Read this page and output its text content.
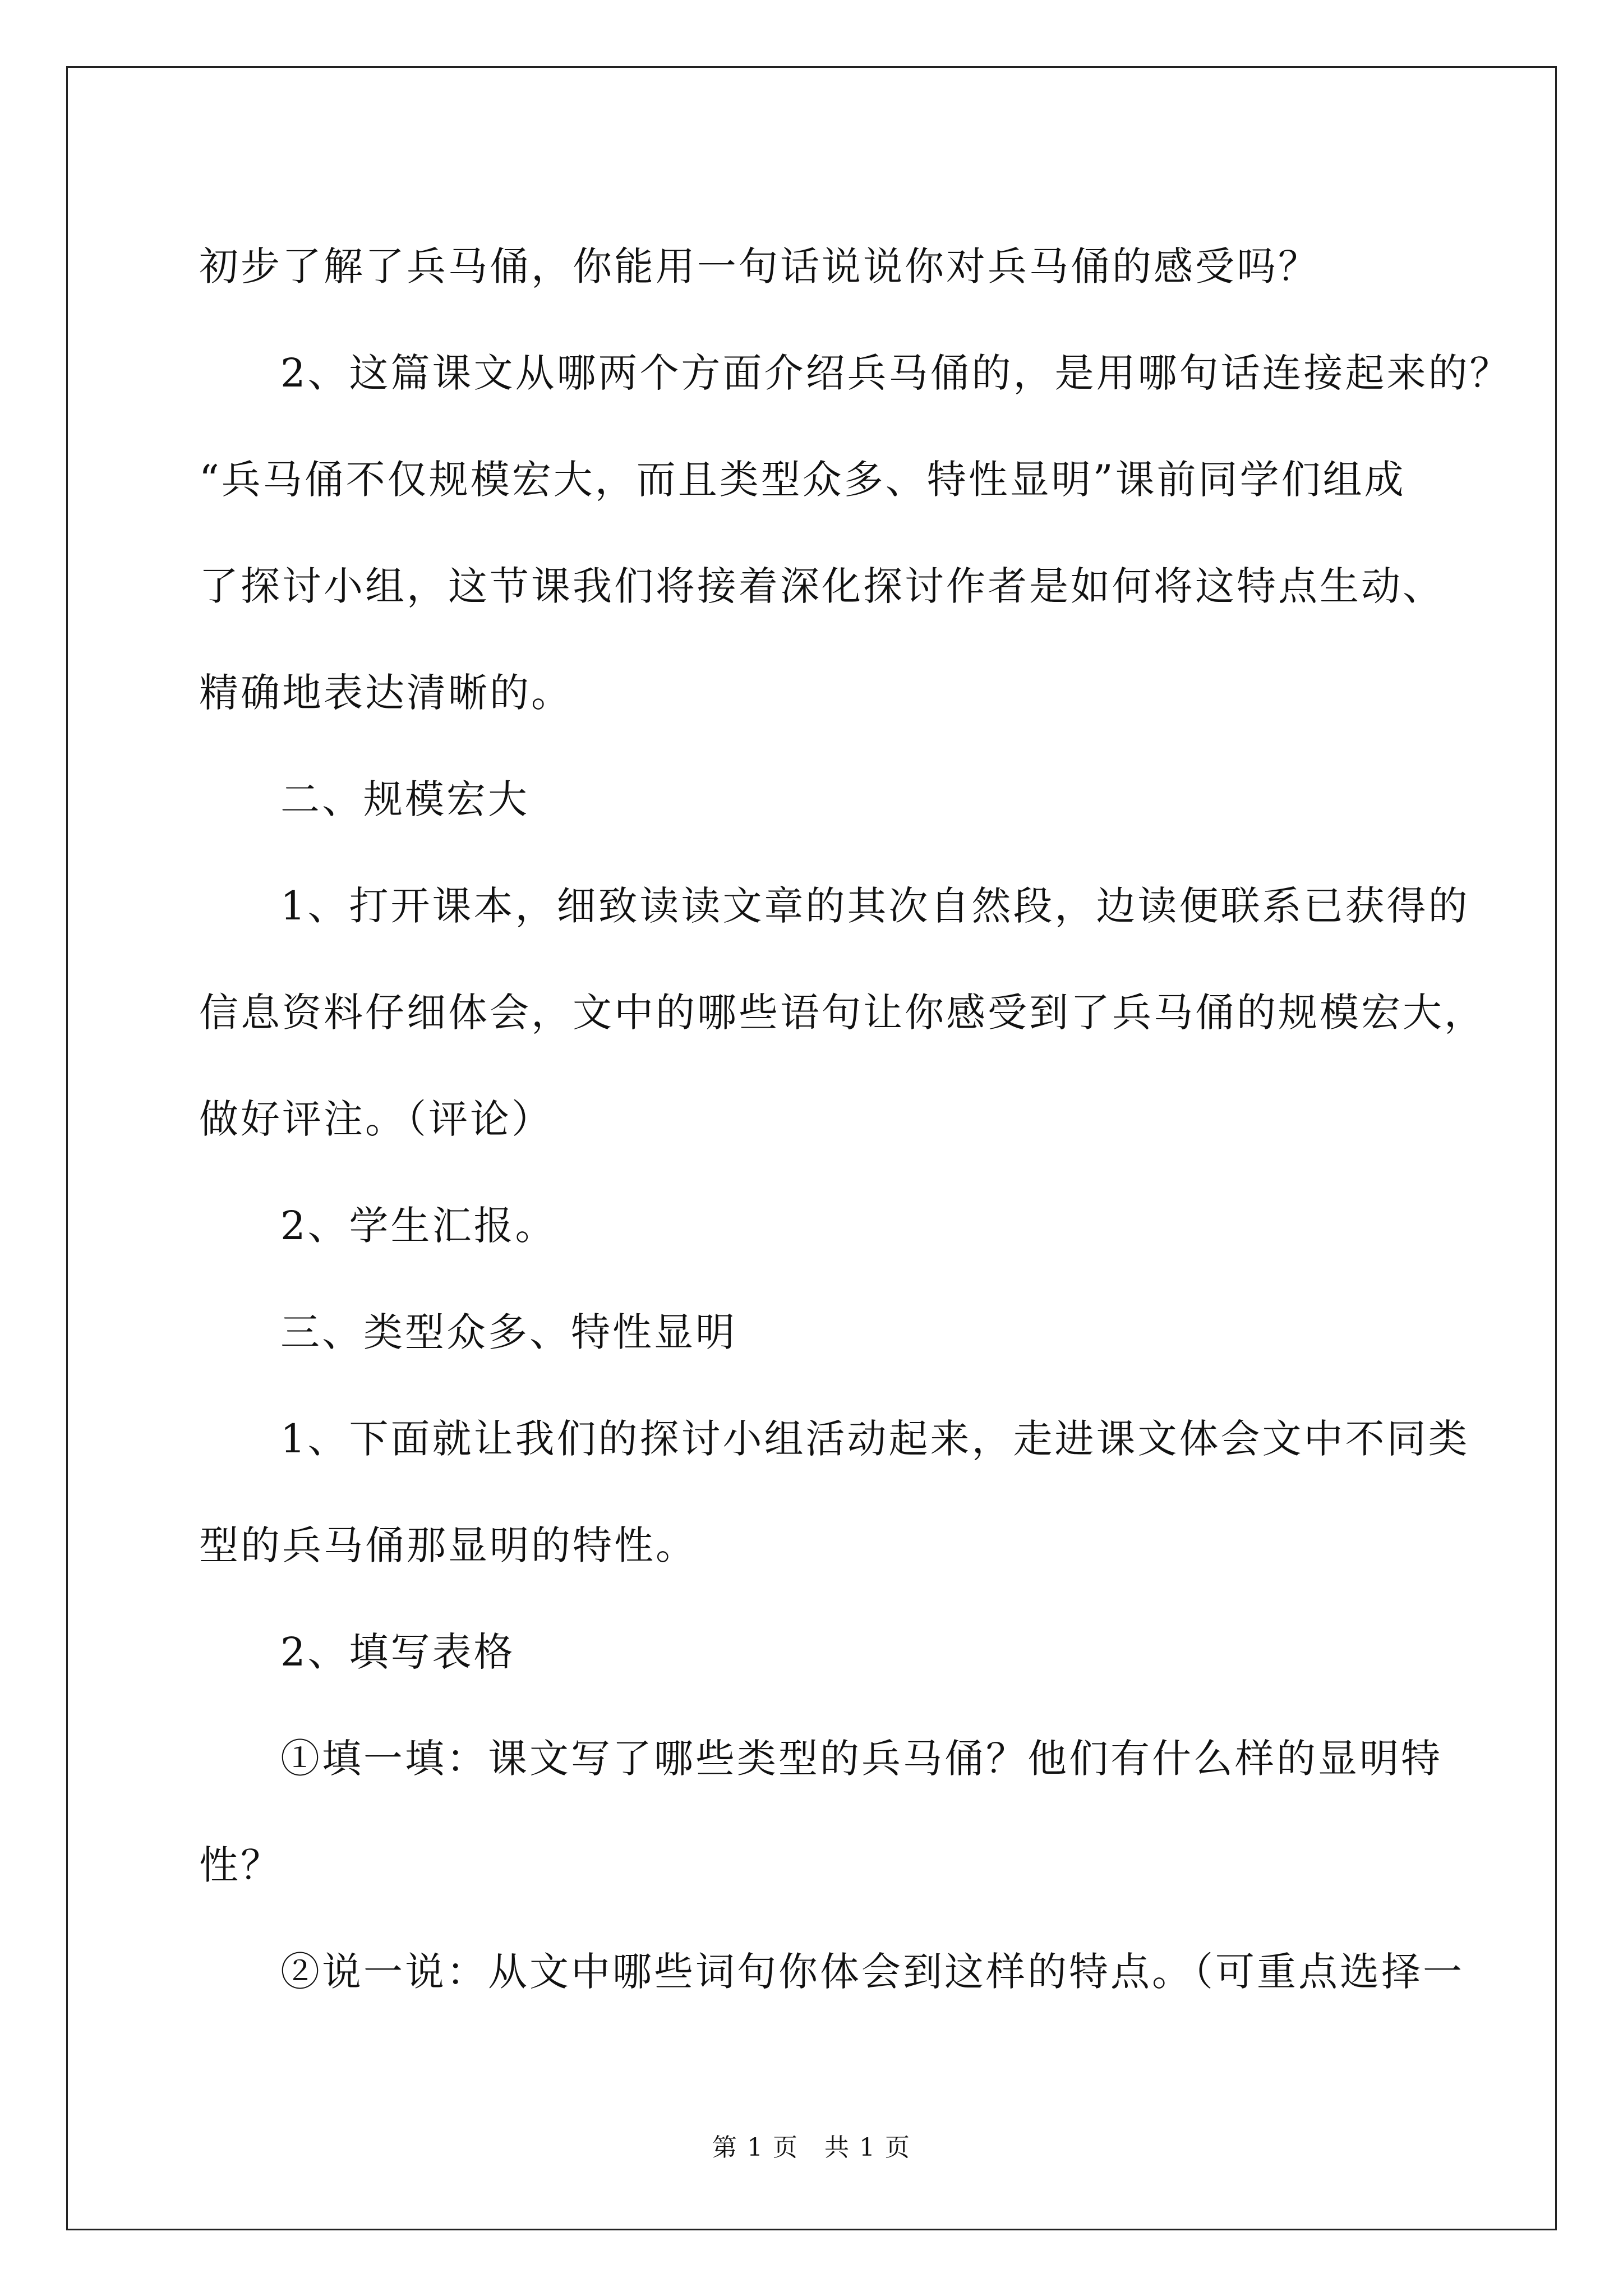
初步了解了兵马俑，你能用一句话说说你对兵马俑的感受吗？
2、这篇课文从哪两个方面介绍兵马俑的，是用哪句话连接起来的？
“兵马俑不仅规模宏大，而且类型众多、特性显明”课前同学们组成
了探讨小组，这节课我们将接着深化探讨作者是如何将这特点生动、
精确地表达清晰的。
二、规模宏大
1、打开课本，细致读读文章的其次自然段，边读便联系已获得的
信息资料仔细体会，文中的哪些语句让你感受到了兵马俑的规模宏大，
做好评注。（评论）
2、学生汇报。
三、类型众多、特性显明
1、下面就让我们的探讨小组活动起来，走进课文体会文中不同类
型的兵马俑那显明的特性。
2、填写表格
①填一填：课文写了哪些类型的兵马俑？他们有什么样的显明特
性？
②说一说：从文中哪些词句你体会到这样的特点。（可重点选择一
第 1 页　共 1 页
